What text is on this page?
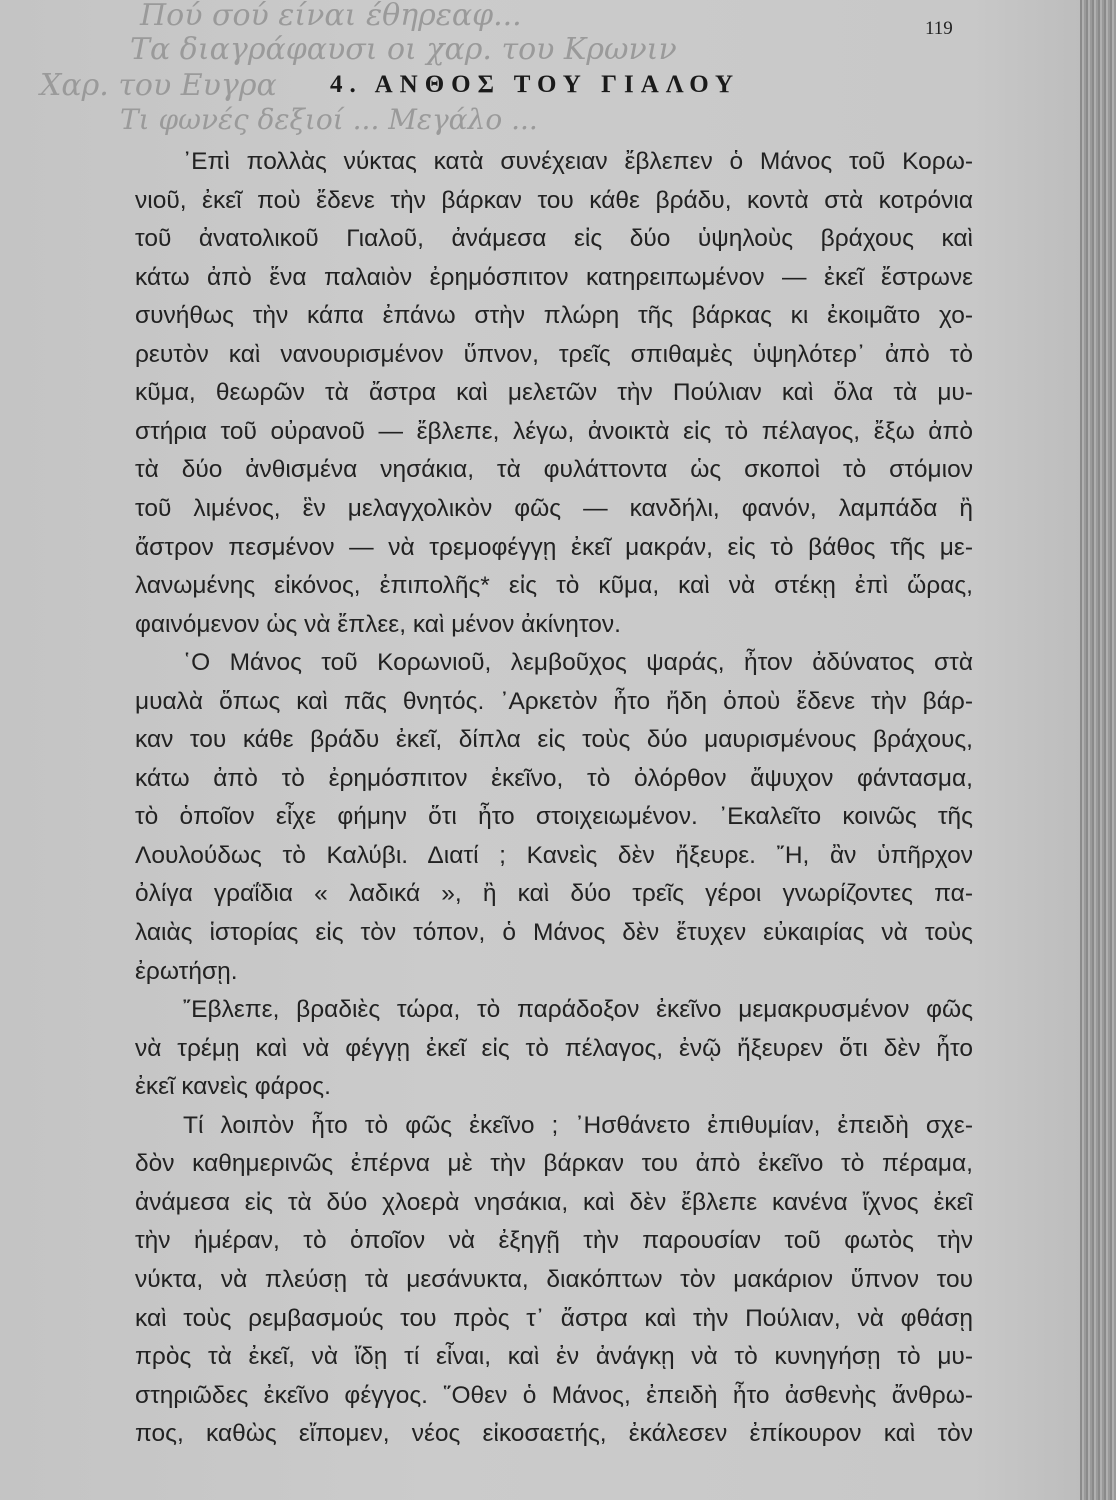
Πού σού είναι έθηρεαφ...
Τα διαγράφαυσι οι χαρ. του Κρωνιν
Χαρ. του Ευγρα
Τι φωνές δεξιοί ... Μεγάλο ...
119
4. ΑΝΘΟΣ ΤΟΥ ΓΙΑΛΟΥ
᾽Επὶ πολλὰς νύκτας κατὰ συνέχειαν ἔβλεπεν ὁ Μάνος τοῦ Κορω-
νιοῦ, ἐκεῖ ποὺ ἔδενε τὴν βάρκαν του κάθε βράδυ, κοντὰ στὰ κοτρόνια
τοῦ ἀνατολικοῦ Γιαλοῦ, ἀνάμεσα εἰς δύο ὑψηλοὺς βράχους καὶ
κάτω ἀπὸ ἕνα παλαιὸν ἐρημόσπιτον κατηρειπωμένον — ἐκεῖ ἔστρωνε
συνήθως τὴν κάπα ἐπάνω στὴν πλώρη τῆς βάρκας κι ἐκοιμᾶτο χο-
ρευτὸν καὶ νανουρισμένον ὕπνον, τρεῖς σπιθαμὲς ὑψηλότερ᾽ ἀπὸ τὸ
κῦμα, θεωρῶν τὰ ἄστρα καὶ μελετῶν τὴν Πούλιαν καὶ ὅλα τὰ μυ-
στήρια τοῦ οὐρανοῦ — ἔβλεπε, λέγω, ἀνοικτὰ εἰς τὸ πέλαγος, ἔξω ἀπὸ
τὰ δύο ἀνθισμένα νησάκια, τὰ φυλάττοντα ὡς σκοποὶ τὸ στόμιον
τοῦ λιμένος, ἓν μελαγχολικὸν φῶς — κανδήλι, φανόν, λαμπάδα ἢ
ἄστρον πεσμένον — νὰ τρεμοφέγγῃ ἐκεῖ μακράν, εἰς τὸ βάθος τῆς με-
λανωμένης εἰκόνος, ἐπιπολῆς* εἰς τὸ κῦμα, καὶ νὰ στέκῃ ἐπὶ ὥρας,
φαινόμενον ὡς νὰ ἔπλεε, καὶ μένον ἀκίνητον.
῾Ο Μάνος τοῦ Κορωνιοῦ, λεμβοῦχος ψαράς, ἦτον ἀδύνατος στὰ
μυαλὰ ὅπως καὶ πᾶς θνητός. ᾽Αρκετὸν ἦτο ἤδη ὁποὺ ἔδενε τὴν βάρ-
καν του κάθε βράδυ ἐκεῖ, δίπλα εἰς τοὺς δύο μαυρισμένους βράχους,
κάτω ἀπὸ τὸ ἐρημόσπιτον ἐκεῖνο, τὸ ὀλόρθον ἄψυχον φάντασμα,
τὸ ὁποῖον εἶχε φήμην ὅτι ἦτο στοιχειωμένον. ᾽Εκαλεῖτο κοινῶς τῆς
Λουλούδως τὸ Καλύβι. Διατί ; Κανεὶς δὲν ἤξευρε. ῎Η, ἂν ὑπῆρχον
ὀλίγα γραΐδια « λαδικά », ἢ καὶ δύο τρεῖς γέροι γνωρίζοντες πα-
λαιὰς ἱστορίας εἰς τὸν τόπον, ὁ Μάνος δὲν ἔτυχεν εὐκαιρίας νὰ τοὺς
ἐρωτήσῃ.
῎Εβλεπε, βραδιὲς τώρα, τὸ παράδοξον ἐκεῖνο μεμακρυσμένον φῶς
νὰ τρέμῃ καὶ νὰ φέγγῃ ἐκεῖ εἰς τὸ πέλαγος, ἐνῷ ἤξευρεν ὅτι δὲν ἦτο
ἐκεῖ κανεὶς φάρος.
Τί λοιπὸν ἦτο τὸ φῶς ἐκεῖνο ; ᾽Ησθάνετο ἐπιθυμίαν, ἐπειδὴ σχε-
δὸν καθημερινῶς ἐπέρνα μὲ τὴν βάρκαν του ἀπὸ ἐκεῖνο τὸ πέραμα,
ἀνάμεσα εἰς τὰ δύο χλοερὰ νησάκια, καὶ δὲν ἔβλεπε κανένα ἴχνος ἐκεῖ
τὴν ἡμέραν, τὸ ὁποῖον νὰ ἐξηγῇ τὴν παρουσίαν τοῦ φωτὸς τὴν
νύκτα, νὰ πλεύσῃ τὰ μεσάνυκτα, διακόπτων τὸν μακάριον ὕπνον του
καὶ τοὺς ρεμβασμούς του πρὸς τ᾽ ἄστρα καὶ τὴν Πούλιαν, νὰ φθάσῃ
πρὸς τὰ ἐκεῖ, νὰ ἴδῃ τί εἶναι, καὶ ἐν ἀνάγκῃ νὰ τὸ κυνηγήσῃ τὸ μυ-
στηριῶδες ἐκεῖνο φέγγος. ῞Οθεν ὁ Μάνος, ἐπειδὴ ἦτο ἀσθενὴς ἄνθρω-
πος, καθὼς εἴπομεν, νέος εἰκοσαετής, ἐκάλεσεν ἐπίκουρον καὶ τὸν
